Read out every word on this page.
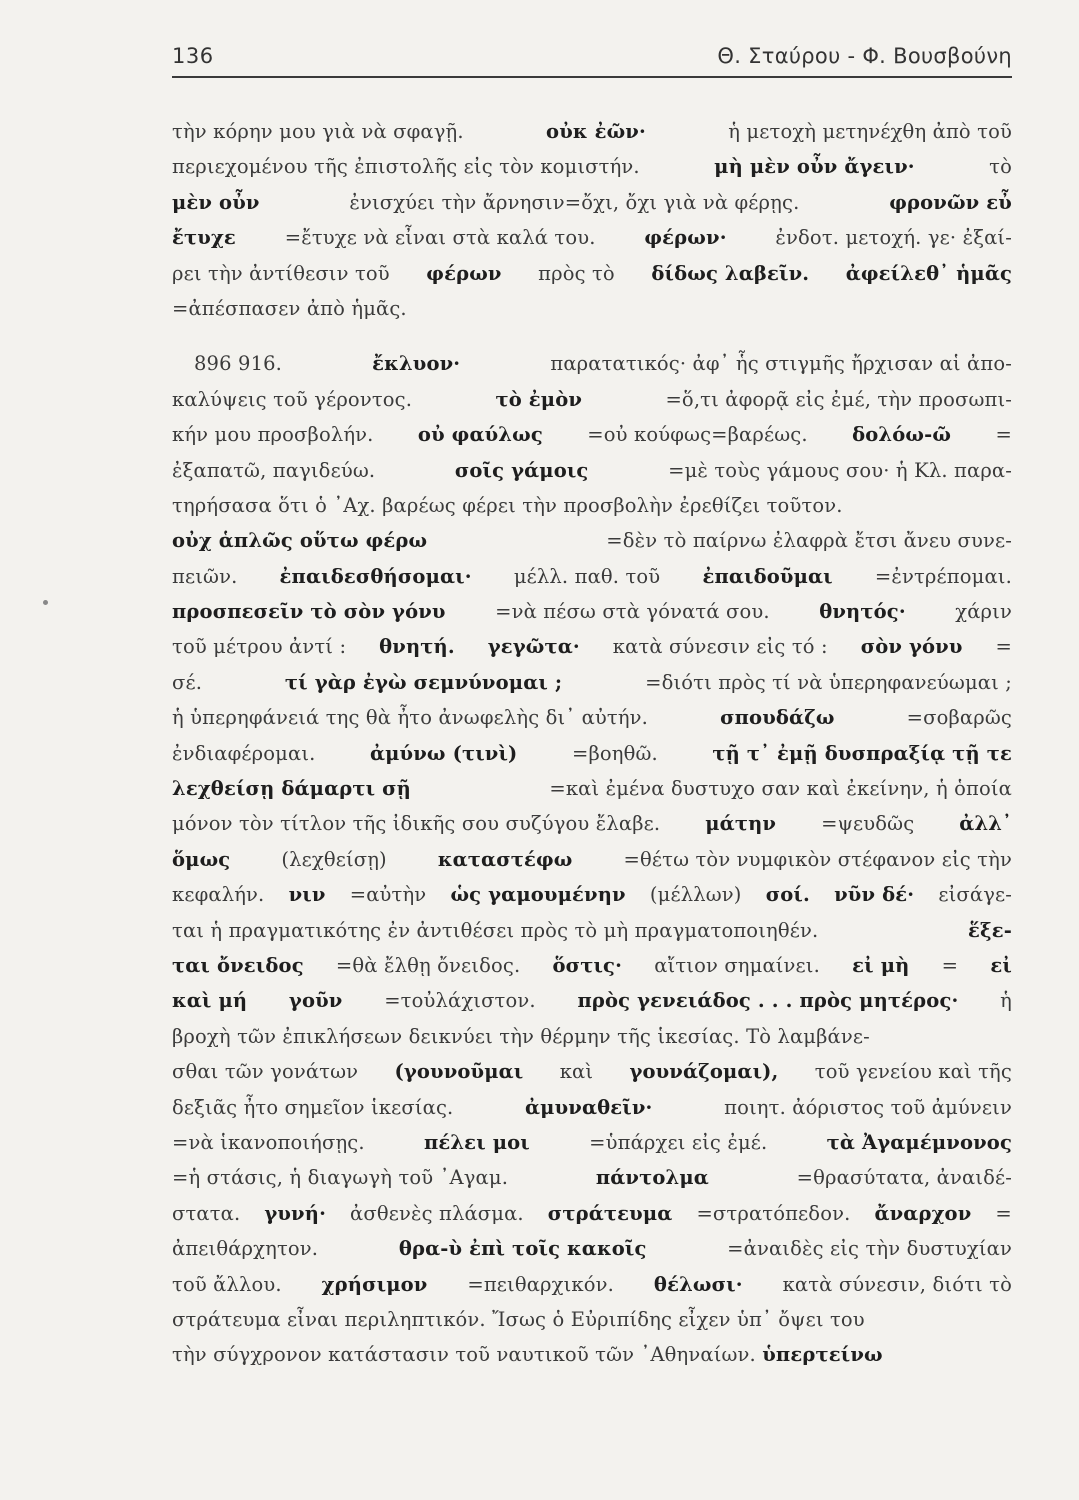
136	Θ. Σταύρου - Φ. Βουσβούνη
τὴν κόρην μου γιὰ νὰ σφαγῇ.	οὐκ ἐῶν·	ἡ μετοχὴ μετηνέχθη ἀπὸ τοῦ
περιεχομένου τῆς ἐπιστολῆς εἰς τὸν κομιστήν.	μὴ μὲν οὖν ἄγειν·	τὸ
μὲν οὖν	ἐνισχύει τὴν ἄρνησιν=ὄχι, ὄχι γιὰ νὰ φέρῃς.	φρονῶν εὖ
ἔτυχε	=ἔτυχε νὰ εἶναι στὰ καλά του.	φέρων·	ἐνδοτ. μετοχή. γε· ἐξαί-
ρει τὴν ἀντίθεσιν τοῦ φέρων πρὸς τὸ δίδως λαβεῖν. ἀφείλεθ᾽ ἡμᾶς
=ἀπέσπασεν ἀπὸ ἡμᾶς.
896 916.	ἔκλυον·	παρατατικός· ἀφ᾽ ἧς στιγμῆς ἤρχισαν αἱ ἀπο-
καλύψεις τοῦ γέροντος.	τὸ ἐμὸν	=ὅ,τι ἀφορᾷ εἰς ἐμέ, τὴν προσωπι-
κήν μου προσβολήν. οὐ φαύλως =οὐ κούφως=βαρέως. δολόω-ῶ =
ἐξαπατῶ, παγιδεύω.	σοῖς γάμοις	=μὲ τοὺς γάμους σου· ἡ Κλ. παρα-
τηρήσασα ὅτι ὁ ᾽Αχ. βαρέως φέρει τὴν προσβολὴν ἐρεθίζει τοῦτον.
οὐχ ἁπλῶς οὕτω φέρω	=δὲν τὸ παίρνω ἐλαφρὰ ἔτσι ἄνευ συνε-
πειῶν. ἐπαιδεσθήσομαι· μέλλ. παθ. τοῦ ἐπαιδοῦμαι =ἐντρέπομαι.
προσπεσεῖν τὸ σὸν γόνυ	=νὰ πέσω στὰ γόνατά σου.	θνητός·	χάριν
τοῦ μέτρου ἀντί : θνητή. γεγῶτα· κατὰ σύνεσιν εἰς τό : σὸν γόνυ =
σέ.	τί γὰρ ἐγὼ σεμνύνομαι ;	=διότι πρὸς τί νὰ ὑπερηφανεύωμαι ;
ἡ ὑπερηφάνειά της θὰ ἦτο ἀνωφελὴς δι᾽ αὐτήν.	σπουδάζω	=σοβαρῶς
ἐνδιαφέρομαι.	ἀμύνω (τινὶ)	=βοηθῶ.	τῇ τ᾽ ἐμῇ δυσπραξίᾳ τῇ τε
λεχθείσῃ δάμαρτι σῇ	=καὶ ἐμένα δυστυχο σαν καὶ ἐκείνην, ἡ ὁποία
μόνον τὸν τίτλον τῆς ἰδικῆς σου συζύγου ἔλαβε. μάτην =ψευδῶς ἀλλ᾽
ὅμως	(λεχθείσῃ)	καταστέφω	=θέτω τὸν νυμφικὸν στέφανον εἰς τὴν
κεφαλήν. νιν =αὐτὴν ὡς γαμουμένην (μέλλων) σοί. νῦν δέ· εἰσάγε-
ται ἡ πραγματικότης ἐν ἀντιθέσει πρὸς τὸ μὴ πραγματοποιηθέν.	ἕξε-
ται ὄνειδος =θὰ ἔλθῃ ὄνειδος. ὅστις· αἴτιον σημαίνει. εἰ μὴ = εἰ
καὶ μή γοῦν =τοὐλάχιστον. πρὸς γενειάδος . . . πρὸς μητέρος· ἡ
βροχὴ τῶν ἐπικλήσεων δεικνύει τὴν θέρμην τῆς ἱκεσίας. Τὸ λαμβάνε-
σθαι τῶν γονάτων (γουνοῦμαι καὶ γουνάζομαι), τοῦ γενείου καὶ τῆς
δεξιᾶς ἦτο σημεῖον ἱκεσίας.	ἀμυναθεῖν·	ποιητ. ἀόριστος τοῦ ἀμύνειν
=νὰ ἱκανοποιήσῃς.	πέλει μοι	=ὑπάρχει εἰς ἐμέ.	τὰ Ἀγαμέμνονος
=ἡ στάσις, ἡ διαγωγὴ τοῦ ᾽Αγαμ.	πάντολμα	=θρασύτατα, ἀναιδέ-
στατα. γυνή· ἀσθενὲς πλάσμα. στράτευμα =στρατόπεδον. ἄναρχον =
ἀπειθάρχητον.	θρα-ὺ ἐπὶ τοῖς κακοῖς	=ἀναιδὲς εἰς τὴν δυστυχίαν
τοῦ ἄλλου. χρήσιμον =πειθαρχικόν. θέλωσι· κατὰ σύνεσιν, διότι τὸ
στράτευμα εἶναι περιληπτικόν. Ἴσως ὁ Εὐριπίδης εἶχεν ὑπ᾽ ὄψει του
τὴν σύγχρονον κατάστασιν τοῦ ναυτικοῦ τῶν ᾽Αθηναίων.
ὑπερτείνω
